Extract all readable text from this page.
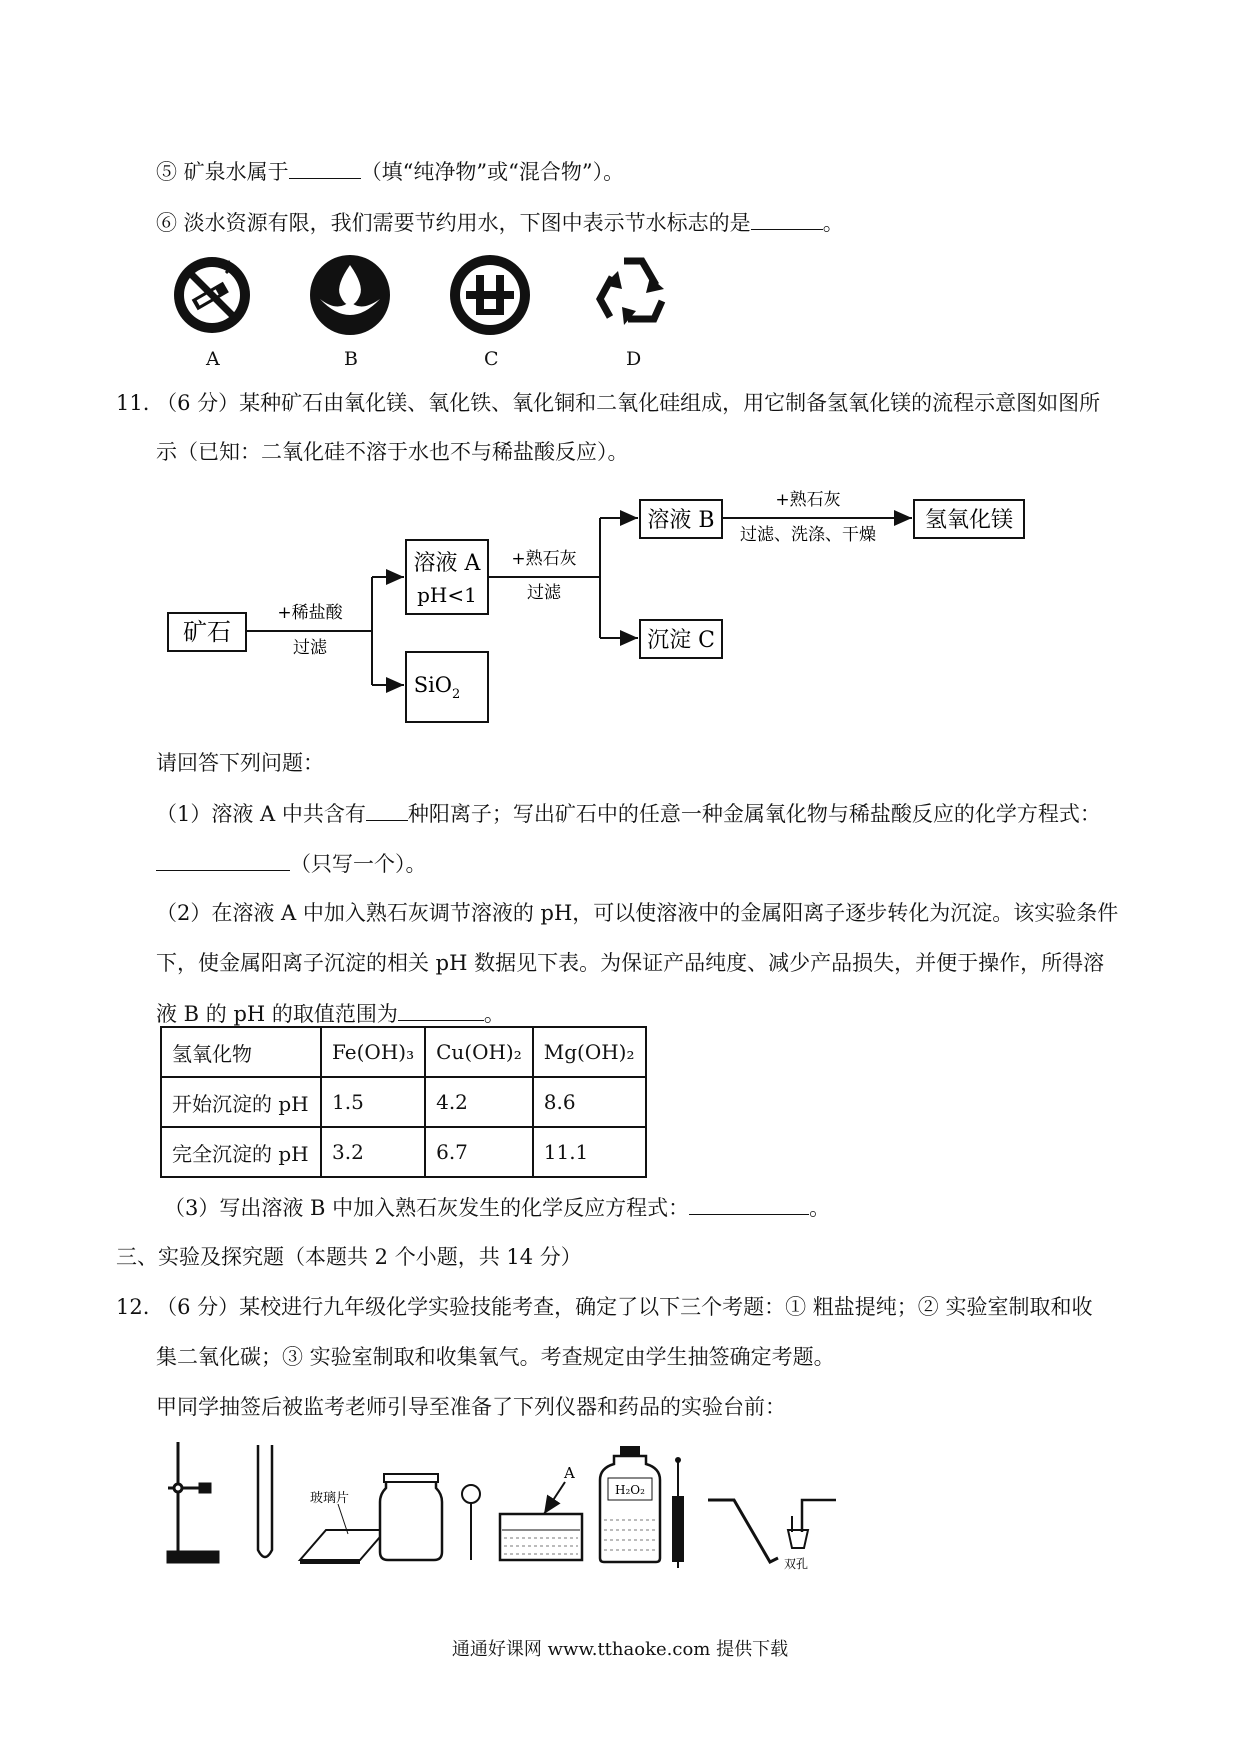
⑤ 矿泉水属于	（填“纯净物”或“混合物”）。
⑥ 淡水资源有限，我们需要节约用水，下图中表示节水标志的是	。
A	B	C	D
11. （6 分）某种矿石由氧化镁、氧化铁、氧化铜和二氧化硅组成，用它制备氢氧化镁的流程示意图如图所
示（已知：二氧化硅不溶于水也不与稀盐酸反应）。
矿石
+稀盐酸
过滤
溶液 A
pH<1
SiO$_2$
+熟石灰
过滤
溶液 B
沉淀 C
+熟石灰
过滤、洗涤、干燥
氢氧化镁
请回答下列问题：
（1）溶液 A 中共含有 种阳离子；写出矿石中的任意一种金属氧化物与稀盐酸反应的化学方程式：
（只写一个）。
（2）在溶液 A 中加入熟石灰调节溶液的 pH，可以使溶液中的金属阳离子逐步转化为沉淀。该实验条件
下，使金属阳离子沉淀的相关 pH 数据见下表。为保证产品纯度、减少产品损失，并便于操作，所得溶
液 B 的 pH 的取值范围为	。
氢氧化物	Fe(OH)₃	Cu(OH)₂	Mg(OH)₂
开始沉淀的 pH	1.5	4.2	8.6
完全沉淀的 pH	3.2	6.7	11.1
（3）写出溶液 B 中加入熟石灰发生的化学反应方程式：	。
三、实验及探究题（本题共 2 个小题，共 14 分）
12. （6 分）某校进行九年级化学实验技能考查，确定了以下三个考题：① 粗盐提纯；② 实验室制取和收
集二氧化碳；③ 实验室制取和收集氧气。考查规定由学生抽签确定考题。
甲同学抽签后被监考老师引导至准备了下列仪器和药品的实验台前：
玻璃片
A
H₂O₂
双孔
通通好课网 www.tthaoke.com 提供下载
